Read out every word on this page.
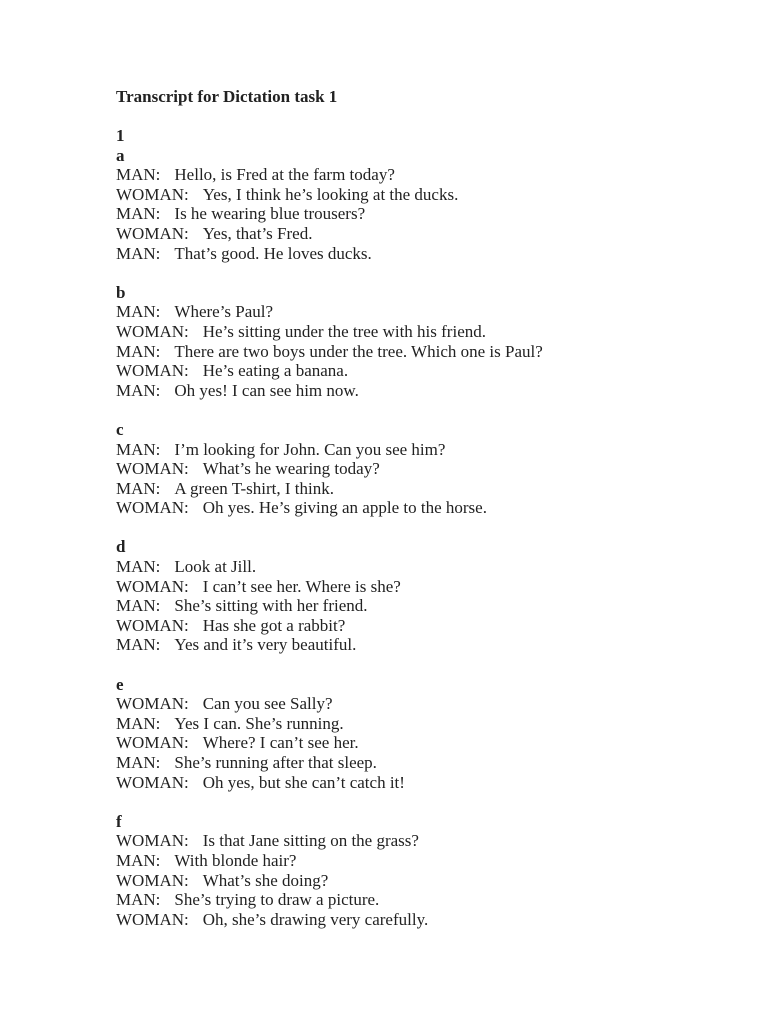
Transcript for Dictation task 1

1

a

MAN: Hello, is Fred at the farm today?

WOMAN: Yes, I think he’s looking at the ducks.

MAN: Is he wearing blue trousers?

WOMAN: Yes, that’s Fred.

MAN: That’s good. He loves ducks.

b

MAN: Where’s Paul?

WOMAN: He’s sitting under the tree with his friend.

MAN: There are two boys under the tree. Which one is Paul?

WOMAN: He’s eating a banana.

MAN: Oh yes! I can see him now.

c

MAN: I’m looking for John. Can you see him?

WOMAN: What’s he wearing today?

MAN: A green T-shirt, I think.

WOMAN: Oh yes. He’s giving an apple to the horse.

d

MAN: Look at Jill.

WOMAN: I can’t see her. Where is she?

MAN: She’s sitting with her friend.

WOMAN: Has she got a rabbit?

MAN: Yes and it’s very beautiful.

e

WOMAN: Can you see Sally?

MAN: Yes I can. She’s running.

WOMAN: Where? I can’t see her.

MAN: She’s running after that sleep.

WOMAN: Oh yes, but she can’t catch it!

f

WOMAN: Is that Jane sitting on the grass?

MAN: With blonde hair?

WOMAN: What’s she doing?

MAN: She’s trying to draw a picture.

WOMAN: Oh, she’s drawing very carefully.
